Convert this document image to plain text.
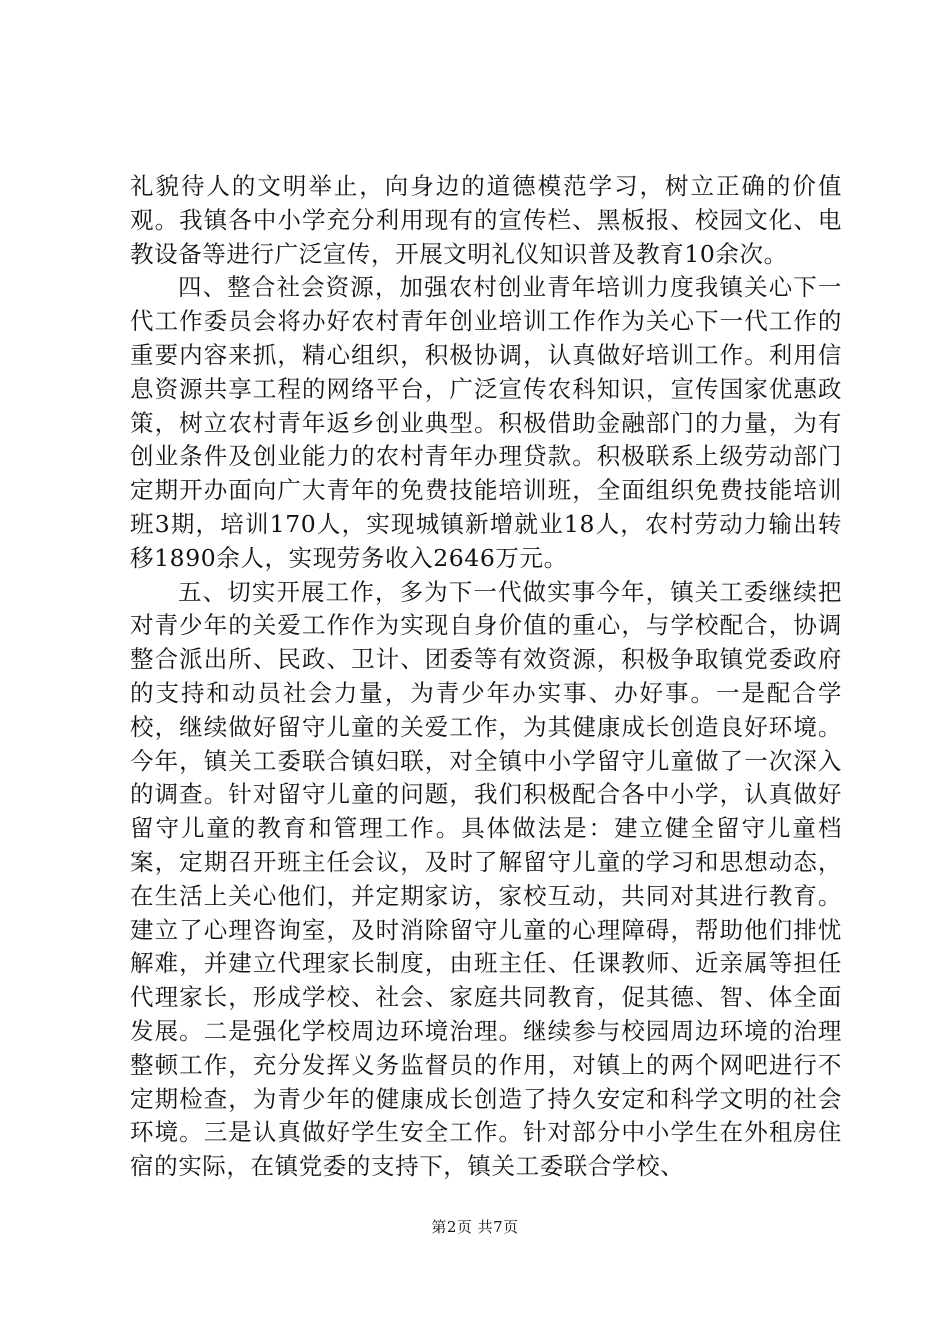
礼貌待人的文明举止，向身边的道德模范学习，树立正确的价值观。我镇各中小学充分利用现有的宣传栏、黑板报、校园文化、电教设备等进行广泛宣传，开展文明礼仪知识普及教育10余次。

四、整合社会资源，加强农村创业青年培训力度我镇关心下一代工作委员会将办好农村青年创业培训工作作为关心下一代工作的重要内容来抓，精心组织，积极协调，认真做好培训工作。利用信息资源共享工程的网络平台，广泛宣传农科知识，宣传国家优惠政策，树立农村青年返乡创业典型。积极借助金融部门的力量，为有创业条件及创业能力的农村青年办理贷款。积极联系上级劳动部门定期开办面向广大青年的免费技能培训班，全面组织免费技能培训班3期，培训170人，实现城镇新增就业18人，农村劳动力输出转移1890余人，实现劳务收入2646万元。

五、切实开展工作，多为下一代做实事今年，镇关工委继续把对青少年的关爱工作作为实现自身价值的重心，与学校配合，协调整合派出所、民政、卫计、团委等有效资源，积极争取镇党委政府的支持和动员社会力量，为青少年办实事、办好事。一是配合学校，继续做好留守儿童的关爱工作，为其健康成长创造良好环境。今年，镇关工委联合镇妇联，对全镇中小学留守儿童做了一次深入的调查。针对留守儿童的问题，我们积极配合各中小学，认真做好留守儿童的教育和管理工作。具体做法是：建立健全留守儿童档案，定期召开班主任会议，及时了解留守儿童的学习和思想动态，在生活上关心他们，并定期家访，家校互动，共同对其进行教育。建立了心理咨询室，及时消除留守儿童的心理障碍，帮助他们排忧解难，并建立代理家长制度，由班主任、任课教师、近亲属等担任代理家长，形成学校、社会、家庭共同教育，促其德、智、体全面发展。二是强化学校周边环境治理。继续参与校园周边环境的治理整顿工作，充分发挥义务监督员的作用，对镇上的两个网吧进行不定期检查，为青少年的健康成长创造了持久安定和科学文明的社会环境。三是认真做好学生安全工作。针对部分中小学生在外租房住宿的实际，在镇党委的支持下，镇关工委联合学校、

第2页 共7页
